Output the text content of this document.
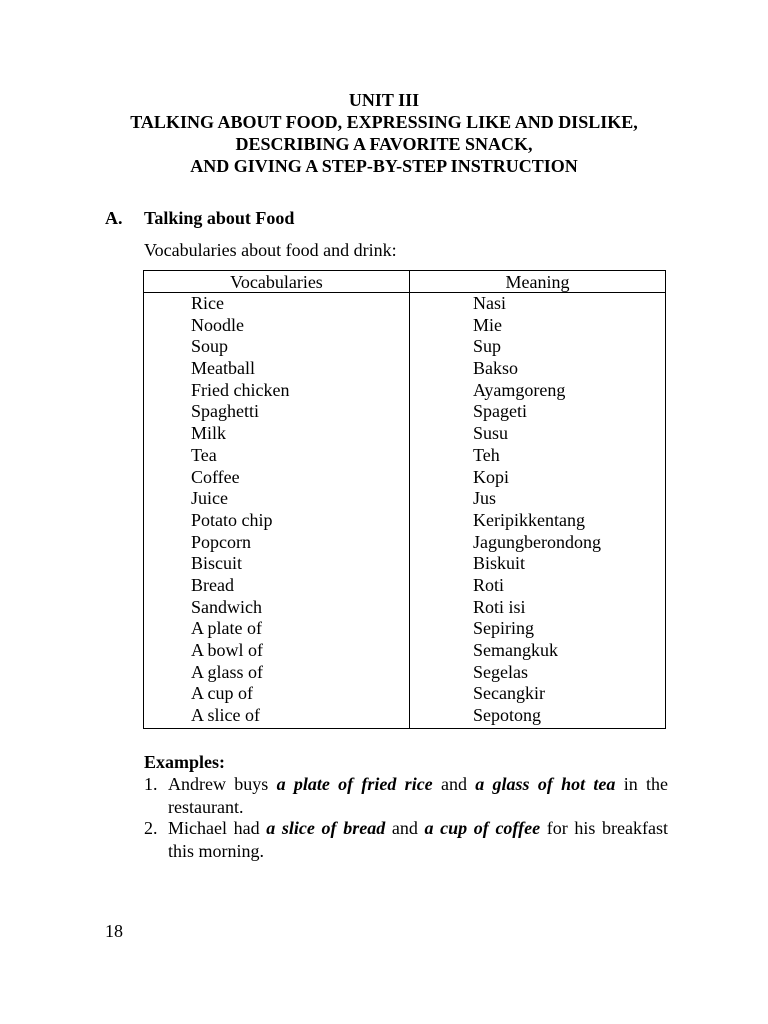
UNIT III
TALKING ABOUT FOOD, EXPRESSING LIKE AND DISLIKE,
DESCRIBING A FAVORITE SNACK,
AND GIVING A STEP-BY-STEP INSTRUCTION
A. Talking about Food
Vocabularies about food and drink:
Vocabularies	Meaning
Rice	Nasi
Noodle	Mie
Soup	Sup
Meatball	Bakso
Fried chicken	Ayamgoreng
Spaghetti	Spageti
Milk	Susu
Tea	Teh
Coffee	Kopi
Juice	Jus
Potato chip	Keripikkentang
Popcorn	Jagungberondong
Biscuit	Biskuit
Bread	Roti
Sandwich	Roti isi
A plate of	Sepiring
A bowl of	Semangkuk
A glass of	Segelas
A cup of	Secangkir
A slice of	Sepotong
Examples:
1. Andrew buys a plate of fried rice and a glass of hot tea in the restaurant.
2. Michael had a slice of bread and a cup of coffee for his breakfast this morning.
18
